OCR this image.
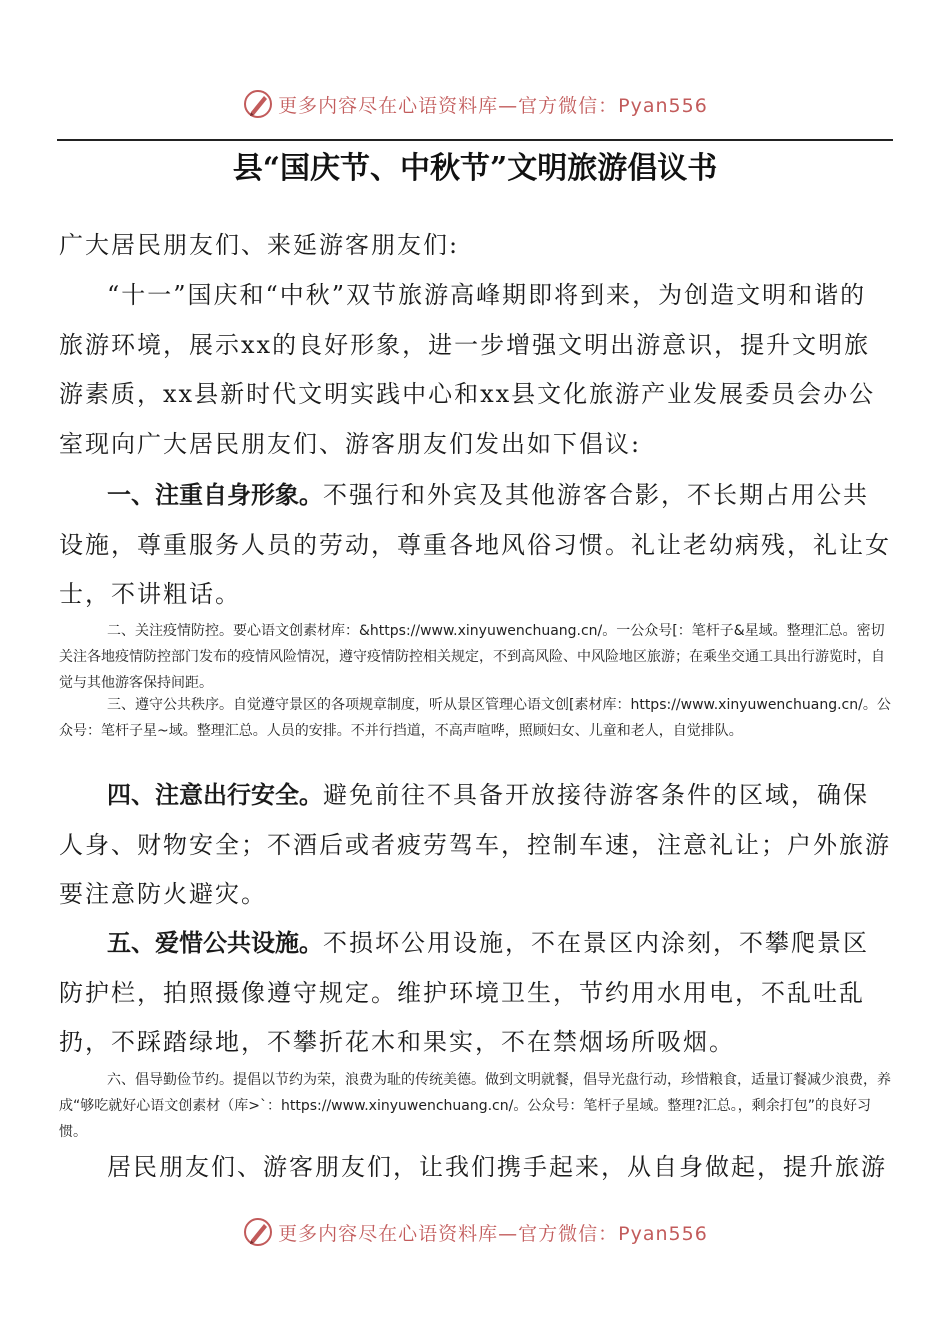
更多内容尽在心语资料库—官方微信：Pyan556
县“国庆节、中秋节”文明旅游倡议书

广大居民朋友们、来延游客朋友们:

“十一”国庆和“中秋”双节旅游高峰期即将到来，为创造文明和谐的旅游环境，展示xx的良好形象，进一步增强文明出游意识，提升文明旅游素质，xx县新时代文明实践中心和xx县文化旅游产业发展委员会办公室现向广大居民朋友们、游客朋友们发出如下倡议:

一、注重自身形象。不强行和外宾及其他游客合影，不长期占用公共设施，尊重服务人员的劳动，尊重各地风俗习惯。礼让老幼病残，礼让女士，不讲粗话。

二、关注疫情防控。要心语文创素材库：&https://www.xinyuwenchuang.cn/。一公众号[：笔杆子&星域。整理汇总。密切关注各地疫情防控部门发布的疫情风险情况，遵守疫情防控相关规定，不到高风险、中风险地区旅游；在乘坐交通工具出行游览时，自觉与其他游客保持间距。

三、遵守公共秩序。自觉遵守景区的各项规章制度，听从景区管理心语文创[素材库：https://www.xinyuwenchuang.cn/。公众号：笔杆子星~域。整理汇总。人员的安排。不并行挡道，不高声喧哗，照顾妇女、儿童和老人，自觉排队。

四、注意出行安全。避免前往不具备开放接待游客条件的区域，确保人身、财物安全；不酒后或者疲劳驾车，控制车速，注意礼让；户外旅游要注意防火避灾。

五、爱惜公共设施。不损坏公用设施，不在景区内涂刻，不攀爬景区防护栏，拍照摄像遵守规定。维护环境卫生，节约用水用电，不乱吐乱扔，不踩踏绿地，不攀折花木和果实，不在禁烟场所吸烟。

六、倡导勤俭节约。提倡以节约为荣，浪费为耻的传统美德。做到文明就餐，倡导光盘行动，珍惜粮食，适量订餐减少浪费，养成“够吃就好心语文创素材（库>`：https://www.xinyuwenchuang.cn/。公众号：笔杆子星域。整理?汇总。，剩余打包”的良好习惯。

居民朋友们、游客朋友们，让我们携手起来，从自身做起，提升旅游

更多内容尽在心语资料库—官方微信：Pyan556
